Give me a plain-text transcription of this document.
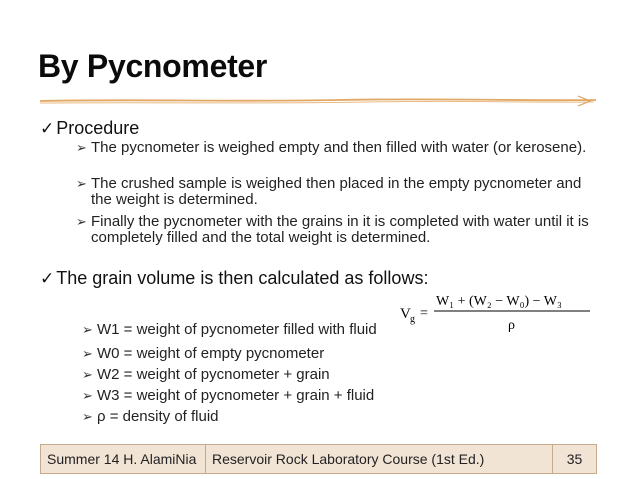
By Pycnometer
✓ Procedure
➢ The pycnometer is weighed empty and then filled with water (or kerosene).
➢ The crushed sample is weighed then placed in the empty pycnometer and the weight is determined.
➢ Finally the pycnometer with the grains in it is completed with water until it is completely filled and the total weight is determined.
✓ The grain volume is then calculated as follows:
V g =
W₁ + (W₂ − W₀) − W₃
ρ
➢ W1 = weight of pycnometer filled with fluid
➢ W0 = weight of empty pycnometer
➢ W2 = weight of pycnometer + grain
➢ W3 = weight of pycnometer + grain + fluid
➢ ρ = density of fluid
Summer 14 H. AlamiNia	Reservoir Rock Laboratory Course (1st Ed.)	35
